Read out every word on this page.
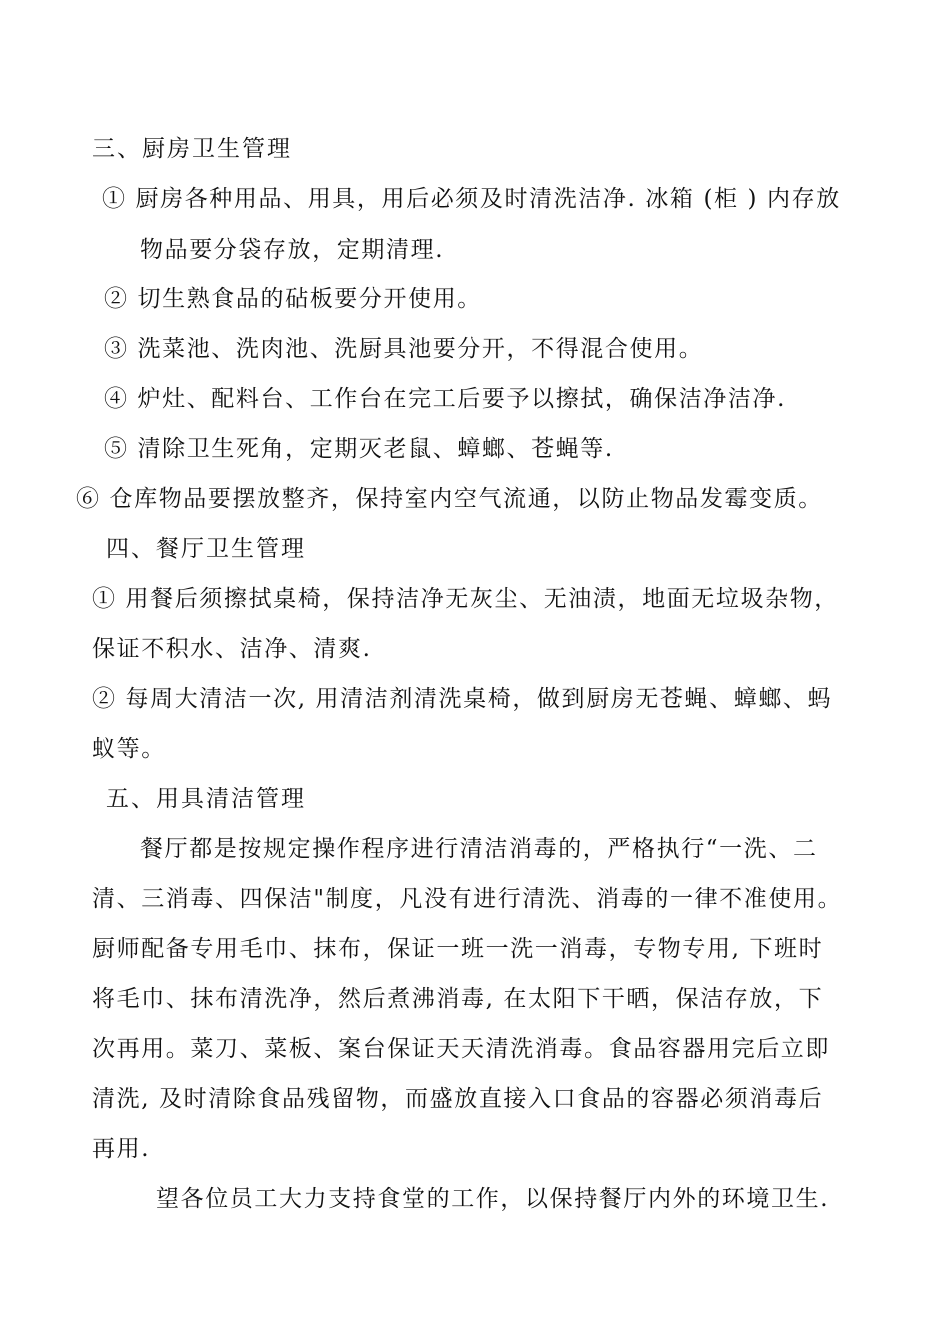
三、厨房卫生管理
① 厨房各种用品、用具，用后必须及时清洗洁净. 冰箱 (柜 ) 内存放
物品要分袋存放，定期清理.
② 切生熟食品的砧板要分开使用。
③ 洗菜池、洗肉池、洗厨具池要分开，不得混合使用。
④ 炉灶、配料台、工作台在完工后要予以擦拭，确保洁净洁净.
⑤ 清除卫生死角，定期灭老鼠、蟑螂、苍蝇等.
⑥ 仓库物品要摆放整齐，保持室内空气流通，以防止物品发霉变质。
四、餐厅卫生管理
① 用餐后须擦拭桌椅，保持洁净无灰尘、无油渍，地面无垃圾杂物，
保证不积水、洁净、清爽.
② 每周大清洁一次, 用清洁剂清洗桌椅，做到厨房无苍蝇、蟑螂、蚂
蚁等。
五、用具清洁管理
餐厅都是按规定操作程序进行清洁消毒的，严格执行“一洗、二
清、三消毒、四保洁"制度，凡没有进行清洗、消毒的一律不准使用。
厨师配备专用毛巾、抹布，保证一班一洗一消毒，专物专用, 下班时
将毛巾、抹布清洗净，然后煮沸消毒, 在太阳下干晒，保洁存放，下
次再用。菜刀、菜板、案台保证天天清洗消毒。食品容器用完后立即
清洗, 及时清除食品残留物，而盛放直接入口食品的容器必须消毒后
再用.
望各位员工大力支持食堂的工作，以保持餐厅内外的环境卫生.
